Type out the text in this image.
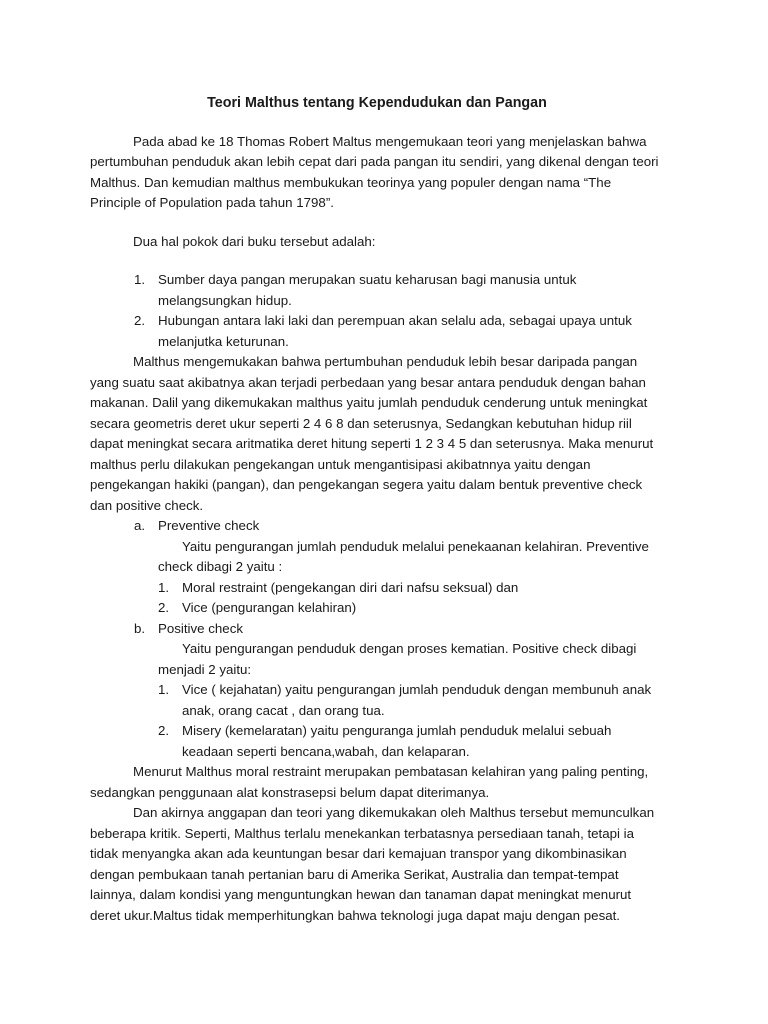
Teori Malthus tentang Kependudukan dan Pangan

Pada abad ke 18 Thomas Robert Maltus mengemukaan teori yang menjelaskan bahwa pertumbuhan penduduk akan lebih cepat dari pada pangan itu sendiri, yang dikenal dengan teori Malthus. Dan kemudian malthus membukukan teorinya yang populer dengan nama “The Principle of Population pada tahun 1798”.

Dua hal pokok dari buku tersebut adalah:

1. Sumber daya pangan merupakan suatu keharusan bagi manusia untuk melangsungkan hidup.
2. Hubungan antara laki laki dan perempuan akan selalu ada, sebagai upaya untuk melanjutka keturunan.

Malthus mengemukakan bahwa pertumbuhan penduduk lebih besar daripada pangan yang suatu saat akibatnya akan terjadi perbedaan yang besar antara penduduk dengan bahan makanan. Dalil yang dikemukakan malthus yaitu jumlah penduduk cenderung untuk meningkat secara geometris deret ukur seperti 2 4 6 8 dan seterusnya, Sedangkan kebutuhan hidup riil dapat meningkat secara aritmatika deret hitung seperti 1 2 3 4 5 dan seterusnya. Maka menurut malthus perlu dilakukan pengekangan untuk mengantisipasi akibatnnya yaitu dengan pengekangan hakiki (pangan), dan pengekangan segera yaitu dalam bentuk preventive check dan positive check.

a. Preventive check

Yaitu pengurangan jumlah penduduk melalui penekaanan kelahiran. Preventive check dibagi 2 yaitu :

1. Moral restraint (pengekangan diri dari nafsu seksual) dan
2. Vice (pengurangan kelahiran)
b. Positive check

Yaitu pengurangan penduduk dengan proses kematian. Positive check dibagi menjadi 2 yaitu:

1. Vice ( kejahatan) yaitu pengurangan jumlah penduduk dengan membunuh anak anak, orang cacat , dan orang tua.
2. Misery (kemelaratan) yaitu penguranga jumlah penduduk melalui sebuah keadaan seperti bencana,wabah, dan kelaparan.

Menurut Malthus moral restraint merupakan pembatasan kelahiran yang paling penting, sedangkan penggunaan alat konstrasepsi belum dapat diterimanya.

Dan akirnya anggapan dan teori yang dikemukakan oleh Malthus tersebut memunculkan beberapa kritik. Seperti, Malthus terlalu menekankan terbatasnya persediaan tanah, tetapi ia tidak menyangka akan ada keuntungan besar dari kemajuan transpor yang dikombinasikan dengan pembukaan tanah pertanian baru di Amerika Serikat, Australia dan tempat-tempat lainnya, dalam kondisi yang menguntungkan hewan dan tanaman dapat meningkat menurut deret ukur.Maltus tidak memperhitungkan bahwa teknologi juga dapat maju dengan pesat.
